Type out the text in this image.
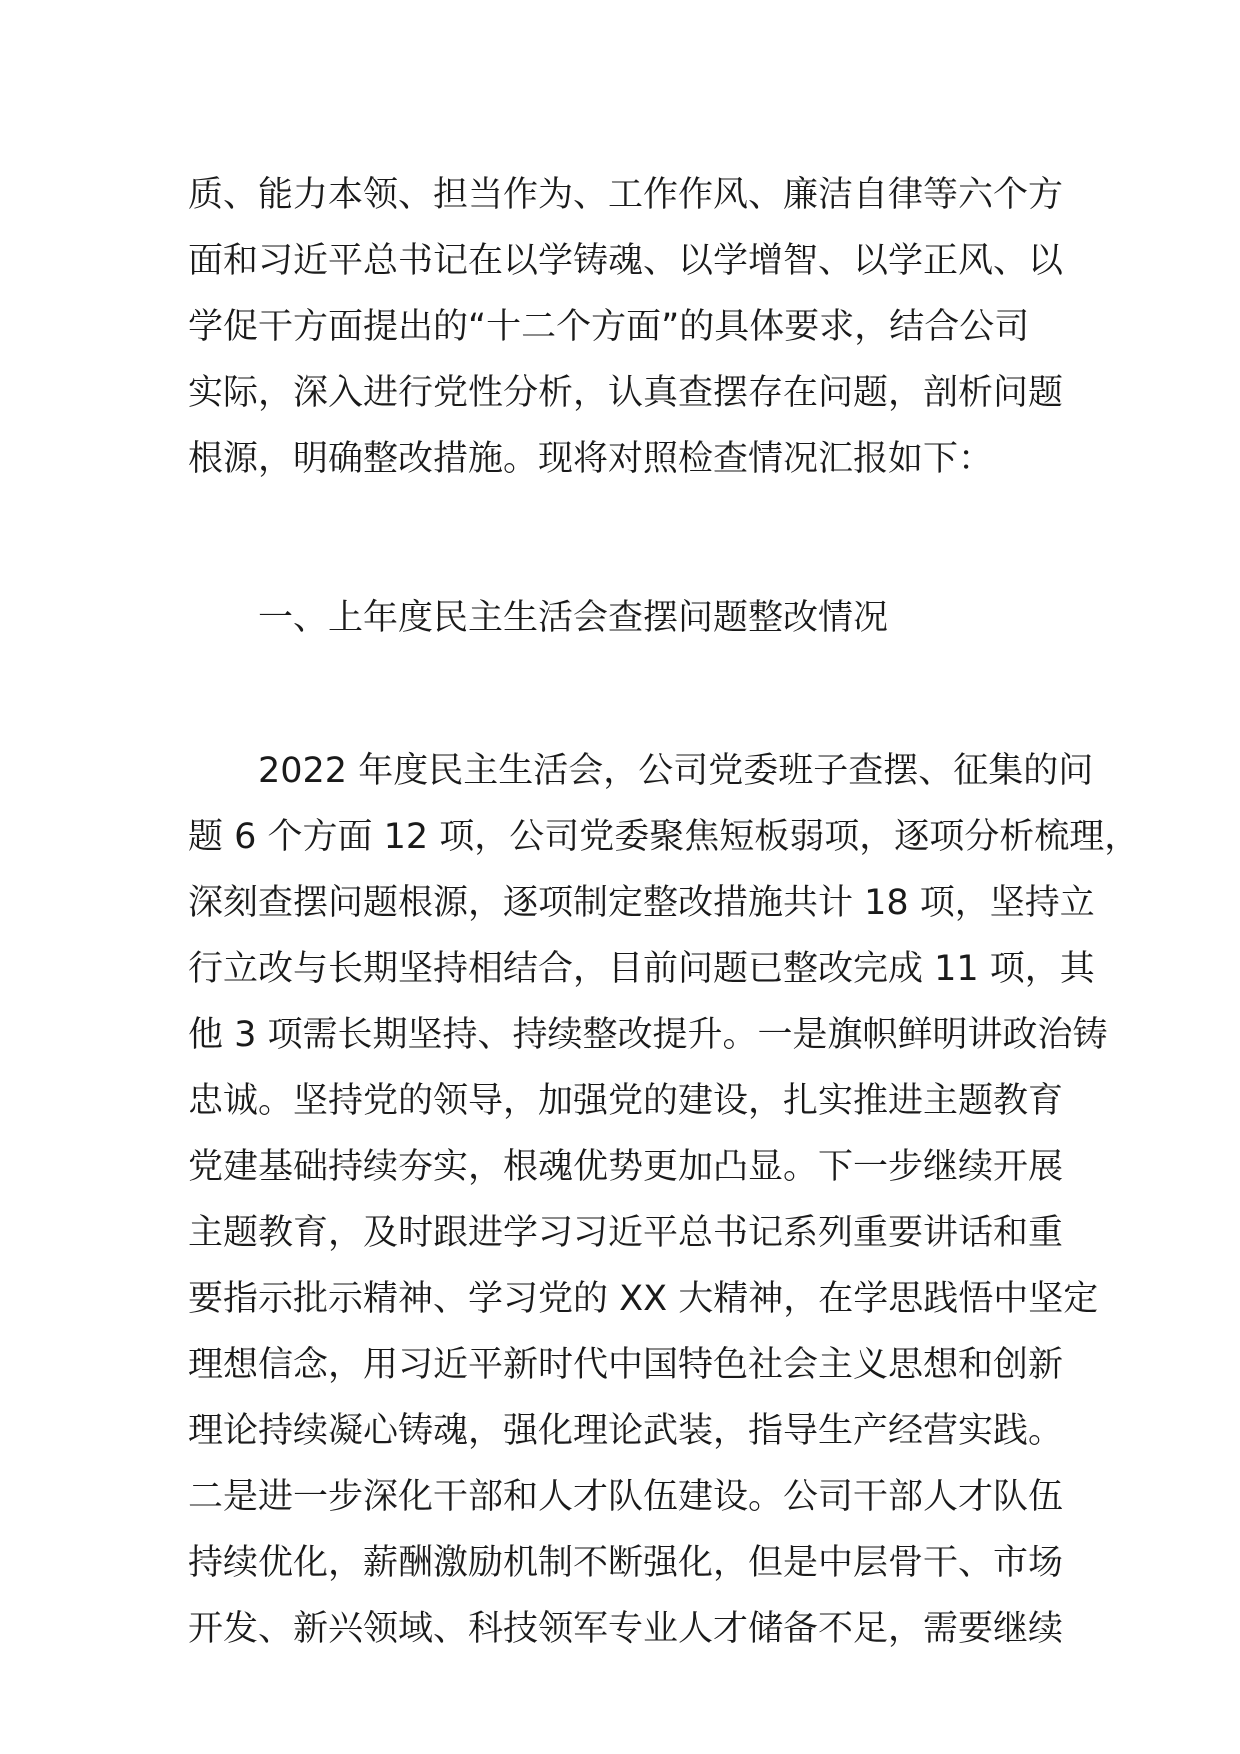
质、能力本领、担当作为、工作作风、廉洁自律等六个方
面和习近平总书记在以学铸魂、以学增智、以学正风、以
学促干方面提出的“十二个方面”的具体要求，结合公司
实际，深入进行党性分析，认真查摆存在问题，剖析问题
根源，明确整改措施。现将对照检查情况汇报如下：
一、上年度民主生活会查摆问题整改情况
2022 年度民主生活会，公司党委班子查摆、征集的问
题 6 个方面 12 项，公司党委聚焦短板弱项，逐项分析梳理，
深刻查摆问题根源，逐项制定整改措施共计 18 项，坚持立
行立改与长期坚持相结合，目前问题已整改完成 11 项，其
他 3 项需长期坚持、持续整改提升。一是旗帜鲜明讲政治铸
忠诚。坚持党的领导，加强党的建设，扎实推进主题教育
党建基础持续夯实，根魂优势更加凸显。下一步继续开展
主题教育，及时跟进学习习近平总书记系列重要讲话和重
要指示批示精神、学习党的 XX 大精神，在学思践悟中坚定
理想信念，用习近平新时代中国特色社会主义思想和创新
理论持续凝心铸魂，强化理论武装，指导生产经营实践。
二是进一步深化干部和人才队伍建设。公司干部人才队伍
持续优化，薪酬激励机制不断强化，但是中层骨干、市场
开发、新兴领域、科技领军专业人才储备不足，需要继续
